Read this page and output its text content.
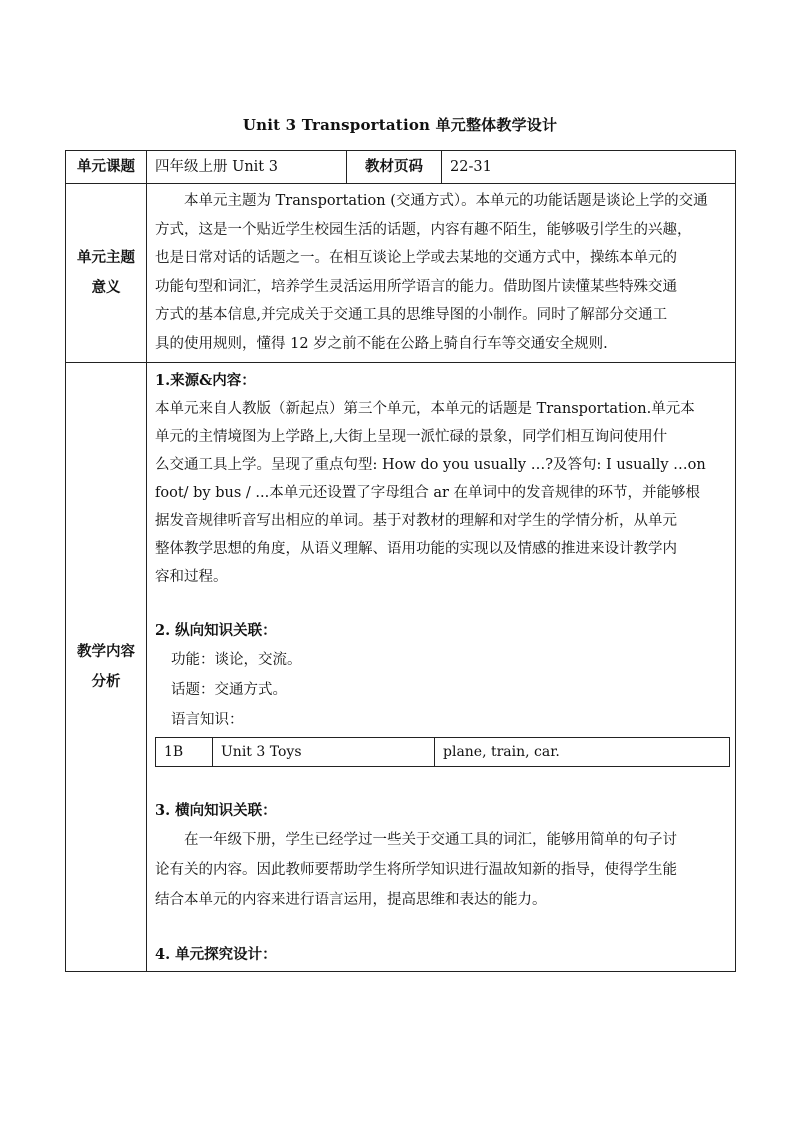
Unit 3 Transportation 单元整体教学设计
单元课题	四年级上册 Unit 3	教材页码	22-31

单元主题
意义

本单元主题为 Transportation (交通方式）。本单元的功能话题是谈论上学的交通
方式，这是一个贴近学生校园生活的话题，内容有趣不陌生，能够吸引学生的兴趣，
也是日常对话的话题之一。在相互谈论上学或去某地的交通方式中，操练本单元的
功能句型和词汇，培养学生灵活运用所学语言的能力。借助图片读懂某些特殊交通
方式的基本信息,并完成关于交通工具的思维导图的小制作。同时了解部分交通工
具的使用规则，懂得 12 岁之前不能在公路上骑自行车等交通安全规则.

教学内容
分析

1.来源&内容：
本单元来自人教版（新起点）第三个单元，本单元的话题是 Transportation.单元本
单元的主情境图为上学路上,大街上呈现一派忙碌的景象，同学们相互询问使用什
么交通工具上学。呈现了重点句型: How do you usually …?及答句: I usually …on
foot/ by bus / ...本单元还设置了字母组合 ar 在单词中的发音规律的环节，并能够根
据发音规律听音写出相应的单词。基于对教材的理解和对学生的学情分析，从单元
整体教学思想的角度，从语义理解、语用功能的实现以及情感的推进来设计教学内
容和过程。
2. 纵向知识关联：
功能：谈论，交流。
话题：交通方式。
语言知识：
1B	Unit 3 Toys	plane, train, car.
3. 横向知识关联：
在一年级下册，学生已经学过一些关于交通工具的词汇，能够用简单的句子讨
论有关的内容。因此教师要帮助学生将所学知识进行温故知新的指导，使得学生能
结合本单元的内容来进行语言运用，提高思维和表达的能力。
4. 单元探究设计：
